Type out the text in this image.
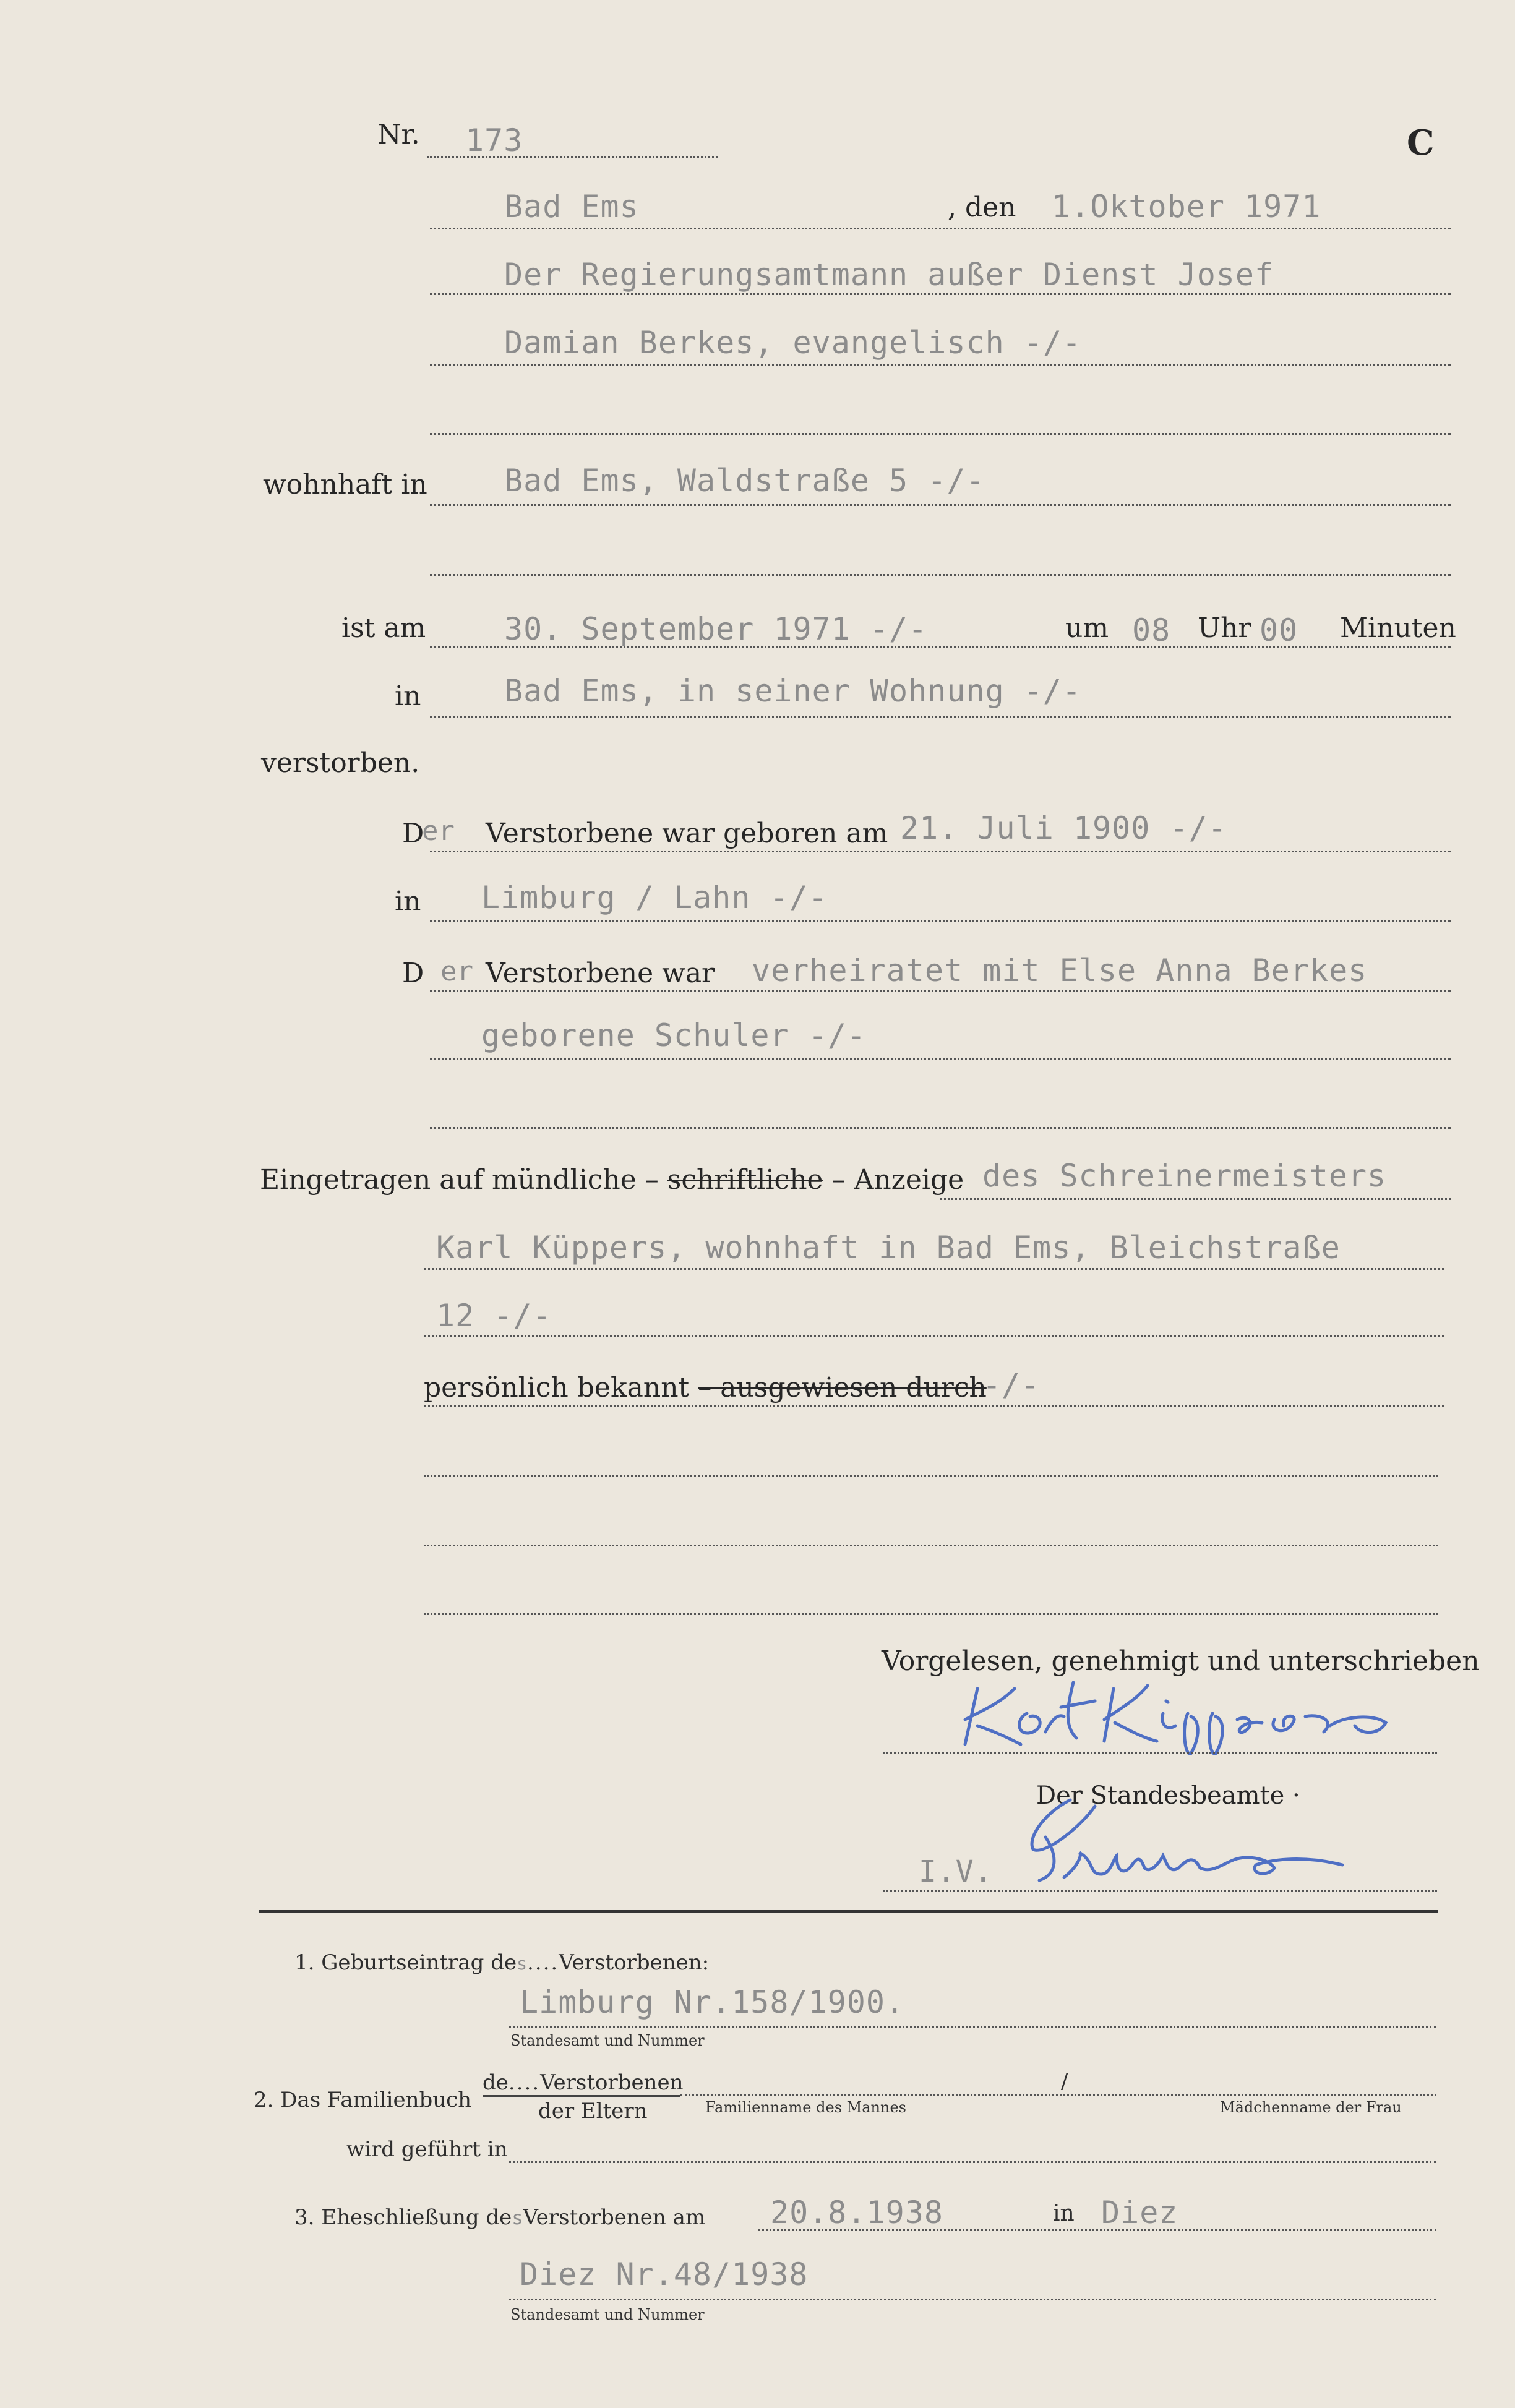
Nr. 173	C
Bad Ems	, den 1.Oktober 1971
Der Regierungsamtmann außer Dienst Josef
Damian Berkes, evangelisch -/-
wohnhaft in Bad Ems, Waldstraße 5 -/-
ist am	30. September 1971 -/-	um 08 Uhr 00 Minuten
in	Bad Ems, in seiner Wohnung -/-
verstorben.
D
er Verstorbene war geboren am 21. Juli 1900 -/-
in Limburg / Lahn -/-
D er Verstorbene war verheiratet mit Else Anna Berkes
geborene Schuler -/-
Eingetragen auf mündliche – schriftliche – Anzeige des Schreinermeisters
Karl Küppers, wohnhaft in Bad Ems, Bleichstraße
12 -/-
persönlich bekannt – ausgewiesen durch
-/-
Vorgelesen, genehmigt und unterschrieben
Der Standesbeamte ·
I.V.
1. Geburtseintrag des....Verstorbenen:
Limburg Nr.158/1900.
Standesamt und Nummer
2. Das Familienbuch
de....Verstorbenen
der Eltern
/
Familienname des Mannes	Mädchenname der Frau
wird geführt in
3. Eheschließung desVerstorbenen am 20.8.1938	in Diez
Diez Nr.48/1938
Standesamt und Nummer
